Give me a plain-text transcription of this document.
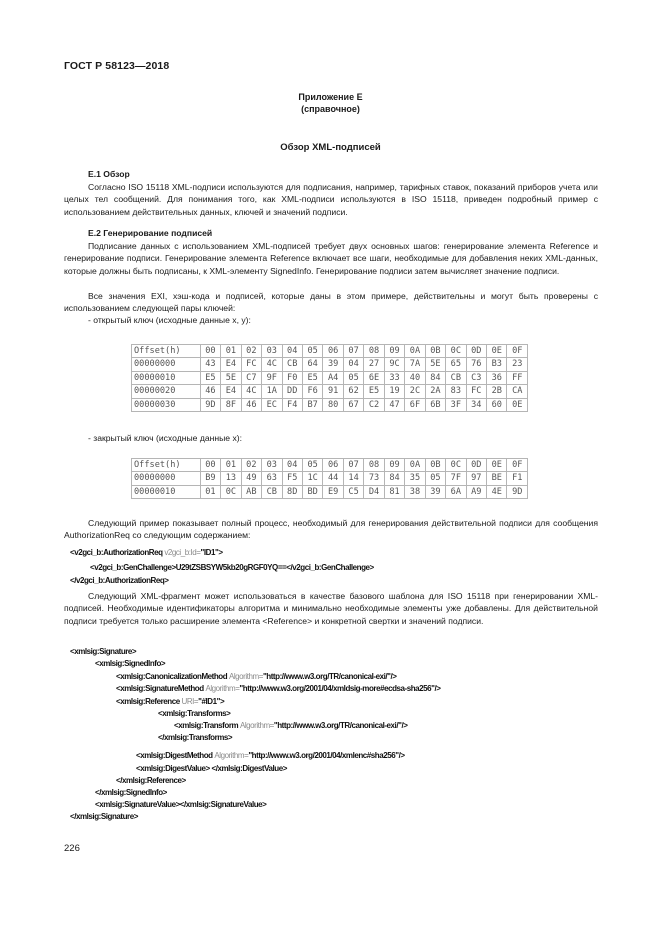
ГОСТ Р 58123—2018
Приложение E
(справочное)
Обзор XML-подписей
E.1 Обзор

Согласно ISO 15118 XML-подписи используются для подписания, например, тарифных ставок, показаний приборов учета или целых тел сообщений. Для понимания того, как XML-подписи используются в ISO 15118, приведен подробный пример с использованием действительных данных, ключей и значений подписи.

E.2 Генерирование подписей

Подписание данных с использованием XML-подписей требует двух основных шагов: генерирование элемента Reference и генерирование подписи. Генерирование элемента Reference включает все шаги, необходимые для добавления неких XML-данных, которые должны быть подписаны, к XML-элементу SignedInfo. Генерирование подписи затем вычисляет значение подписи.

Все значения EXI, хэш-кода и подписей, которые даны в этом примере, действительны и могут быть проверены с использованием следующей пары ключей:

- открытый ключ (исходные данные x, y):
Offset(h)	00	01	02	03	04	05	06	07	08	09	0A	0B	0C	0D	0E	0F
00000000	43	E4	FC	4C	CB	64	39	04	27	9C	7A	5E	65	76	B3	23
00000010	E5	5E	C7	9F	F0	E5	A4	05	6E	33	40	84	CB	C3	36	FF
00000020	46	E4	4C	1A	DD	F6	91	62	E5	19	2C	2A	83	FC	2B	CA
00000030	9D	8F	46	EC	F4	B7	80	67	C2	47	6F	6B	3F	34	60	0E
- закрытый ключ (исходные данные x):
Offset(h)	00	01	02	03	04	05	06	07	08	09	0A	0B	0C	0D	0E	0F
00000000	B9	13	49	63	F5	1C	44	14	73	84	35	05	7F	97	BE	F1
00000010	01	0C	AB	CB	8D	BD	E9	C5	D4	81	38	39	6A	A9	4E	9D

Следующий пример показывает полный процесс, необходимый для генерирования действительной подписи для сообщения AuthorizationReq со следующим содержанием:

<v2gci_b:AuthorizationReq v2gci_b:Id="ID1">
<v2gci_b:GenChallenge>U29tZSBSYW5kb20gRGF0YQ==</v2gci_b:GenChallenge>
</v2gci_b:AuthorizationReq>

Следующий XML-фрагмент может использоваться в качестве базового шаблона для ISO 15118 при генерировании XML-подписей. Необходимые идентификаторы алгоритма и минимально необходимые элементы уже добавлены. Для действительной подписи требуется только расширение элемента <Reference> и конкретной свертки и значений подписи.

<xmlsig:Signature>
<xmlsig:SignedInfo>
<xmlsig:CanonicalizationMethod Algorithm="http://www.w3.org/TR/canonical-exi/"/>
<xmlsig:SignatureMethod Algorithm="http://www.w3.org/2001/04/xmldsig-more#ecdsa-sha256"/>
<xmlsig:Reference URI="#ID1">
<xmlsig:Transforms>
<xmlsig:Transform Algorithm="http://www.w3.org/TR/canonical-exi/"/>
</xmlsig:Transforms>
<xmlsig:DigestMethod Algorithm="http://www.w3.org/2001/04/xmlenc#sha256"/>
<xmlsig:DigestValue> </xmlsig:DigestValue>
</xmlsig:Reference>
</xmlsig:SignedInfo>
<xmlsig:SignatureValue></xmlsig:SignatureValue>
</xmlsig:Signature>
226
